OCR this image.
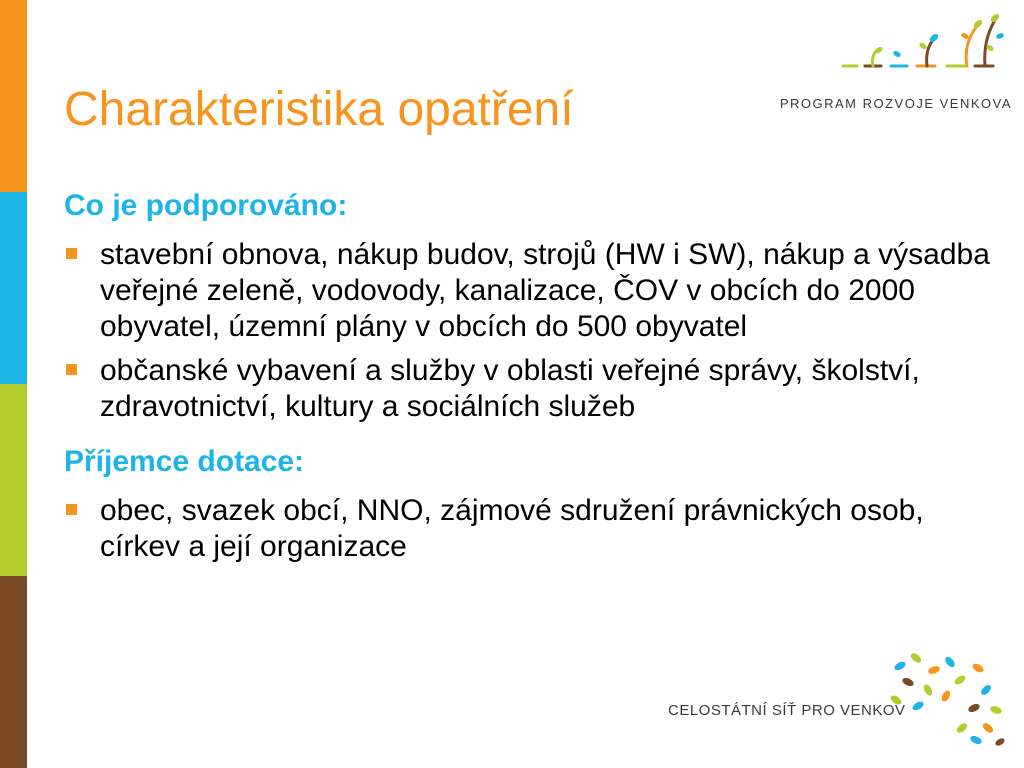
PROGRAM ROZVOJE VENKOVA
Charakteristika opatření
Co je podporováno:
stavební obnova, nákup budov, strojů (HW i SW), nákup a výsadba veřejné zeleně, vodovody, kanalizace, ČOV v obcích do 2000 obyvatel, územní plány v obcích do 500 obyvatel
občanské vybavení a služby v oblasti veřejné správy, školství, zdravotnictví, kultury a sociálních služeb
Příjemce dotace:
obec, svazek obcí, NNO, zájmové sdružení právnických osob, církev a její organizace
CELOSTÁTNÍ SÍŤ PRO VENKOV
